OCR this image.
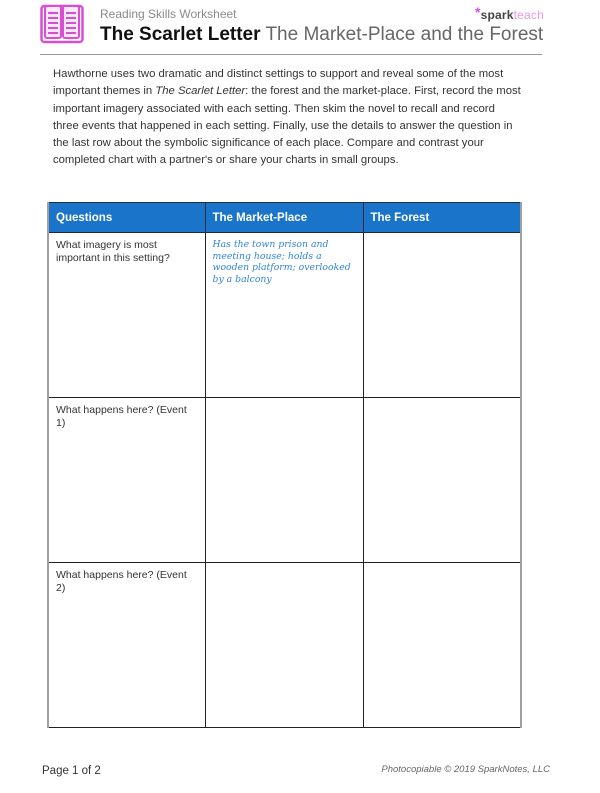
Reading Skills Worksheet
The Scarlet Letter The Market-Place and the Forest
*sparkteach
Hawthorne uses two dramatic and distinct settings to support and reveal some of the most important themes in The Scarlet Letter: the forest and the market-place. First, record the most important imagery associated with each setting. Then skim the novel to recall and record three events that happened in each setting. Finally, use the details to answer the question in the last row about the symbolic significance of each place. Compare and contrast your completed chart with a partner's or share your charts in small groups.
Questions	The Market-Place	The Forest
What imagery is most important in this setting?	Has the town prison and meeting house; holds a wooden platform; overlooked by a balcony	
What happens here? (Event 1)		
What happens here? (Event 2)		
Page 1 of 2	Photocopiable © 2019 SparkNotes, LLC
